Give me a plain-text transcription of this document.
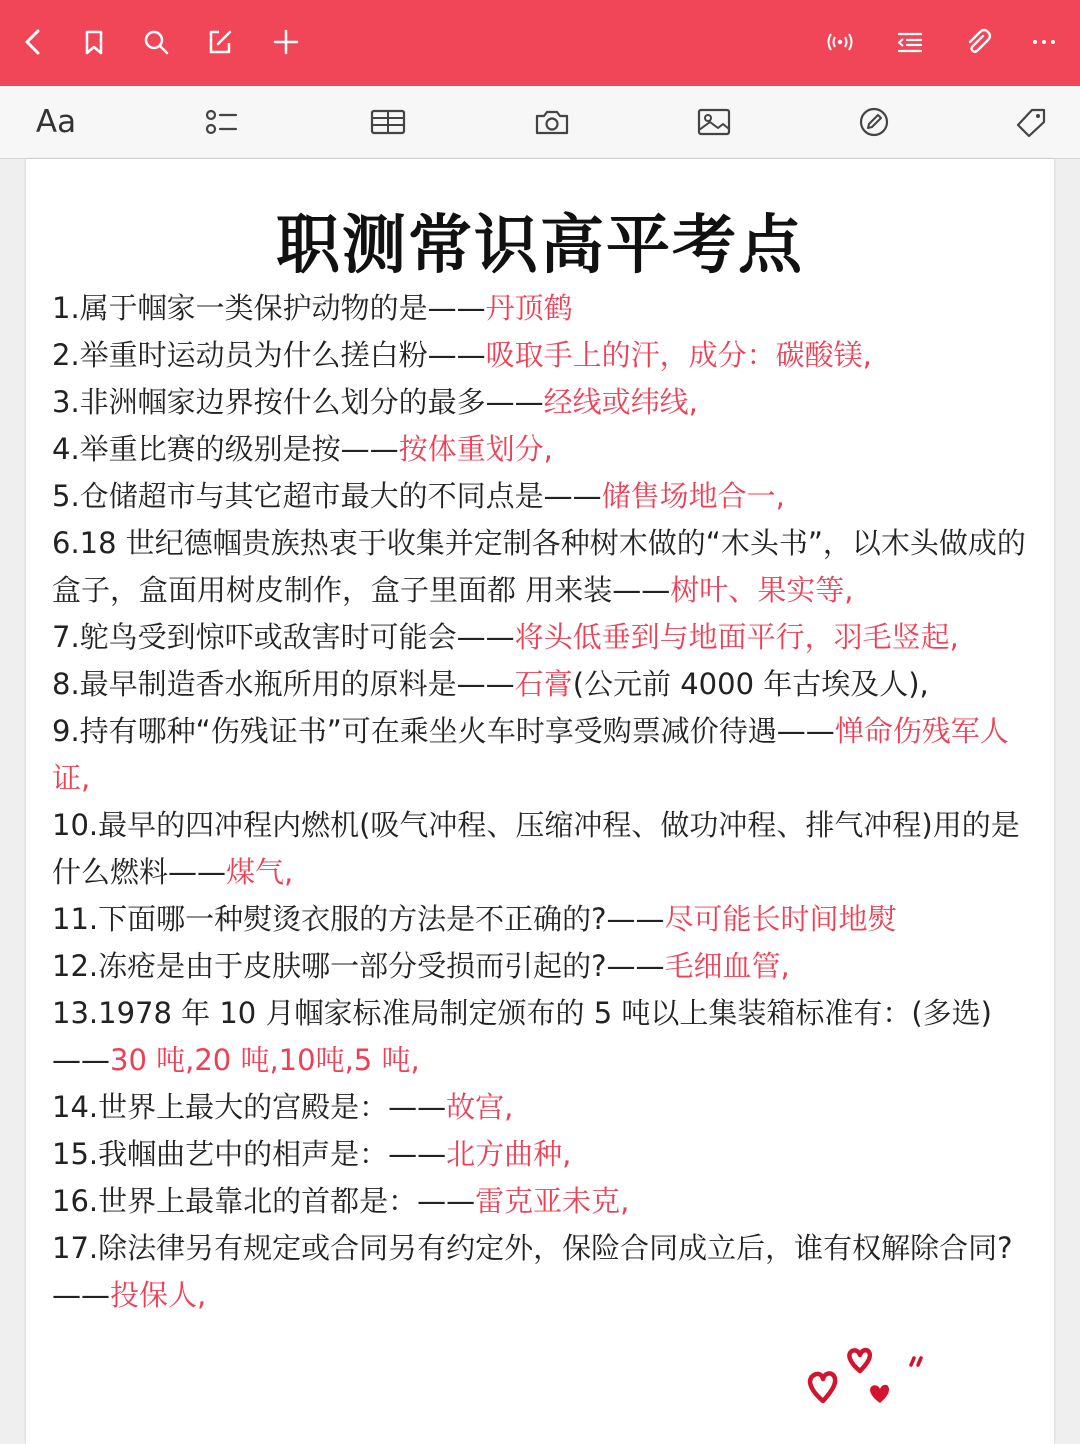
Aa
职测常识高平考点

1.属于帼家一类保护动物的是——丹顶鹤

2.举重时运动员为什么搓白粉——吸取手上的汗，成分：碳酸镁,

3.非洲帼家边界按什么划分的最多——经线或纬线,

4.举重比赛的级别是按——按体重划分,

5.仓储超市与其它超市最大的不同点是——储售场地合一,

6.18 世纪德帼贵族热衷于收集并定制各种树木做的“木头书”，以木头做成的盒子，盒面用树皮制作，盒子里面都 用来装——树叶、果实等,

7.鸵鸟受到惊吓或敌害时可能会——将头低垂到与地面平行，羽毛竖起,

8.最早制造香水瓶所用的原料是——石膏(公元前 4000 年古埃及人),

9.持有哪种“伤残证书”可在乘坐火车时享受购票减价待遇——惮命伤残军人证,

10.最早的四冲程内燃机(吸气冲程、压缩冲程、做功冲程、排气冲程)用的是什么燃料——煤气,

11.下面哪一种熨烫衣服的方法是不正确的?——尽可能长时间地熨

12.冻疮是由于皮肤哪一部分受损而引起的?——毛细血管,

13.1978 年 10 月帼家标准局制定颁布的 5 吨以上集装箱标准有：(多选)——30 吨,20 吨,10吨,5 吨,

14.世界上最大的宫殿是：——故宫,

15.我帼曲艺中的相声是：——北方曲种,

16.世界上最靠北的首都是：——雷克亚未克,

17.除法律另有规定或合同另有约定外，保险合同成立后，谁有权解除合同?——投保人,
